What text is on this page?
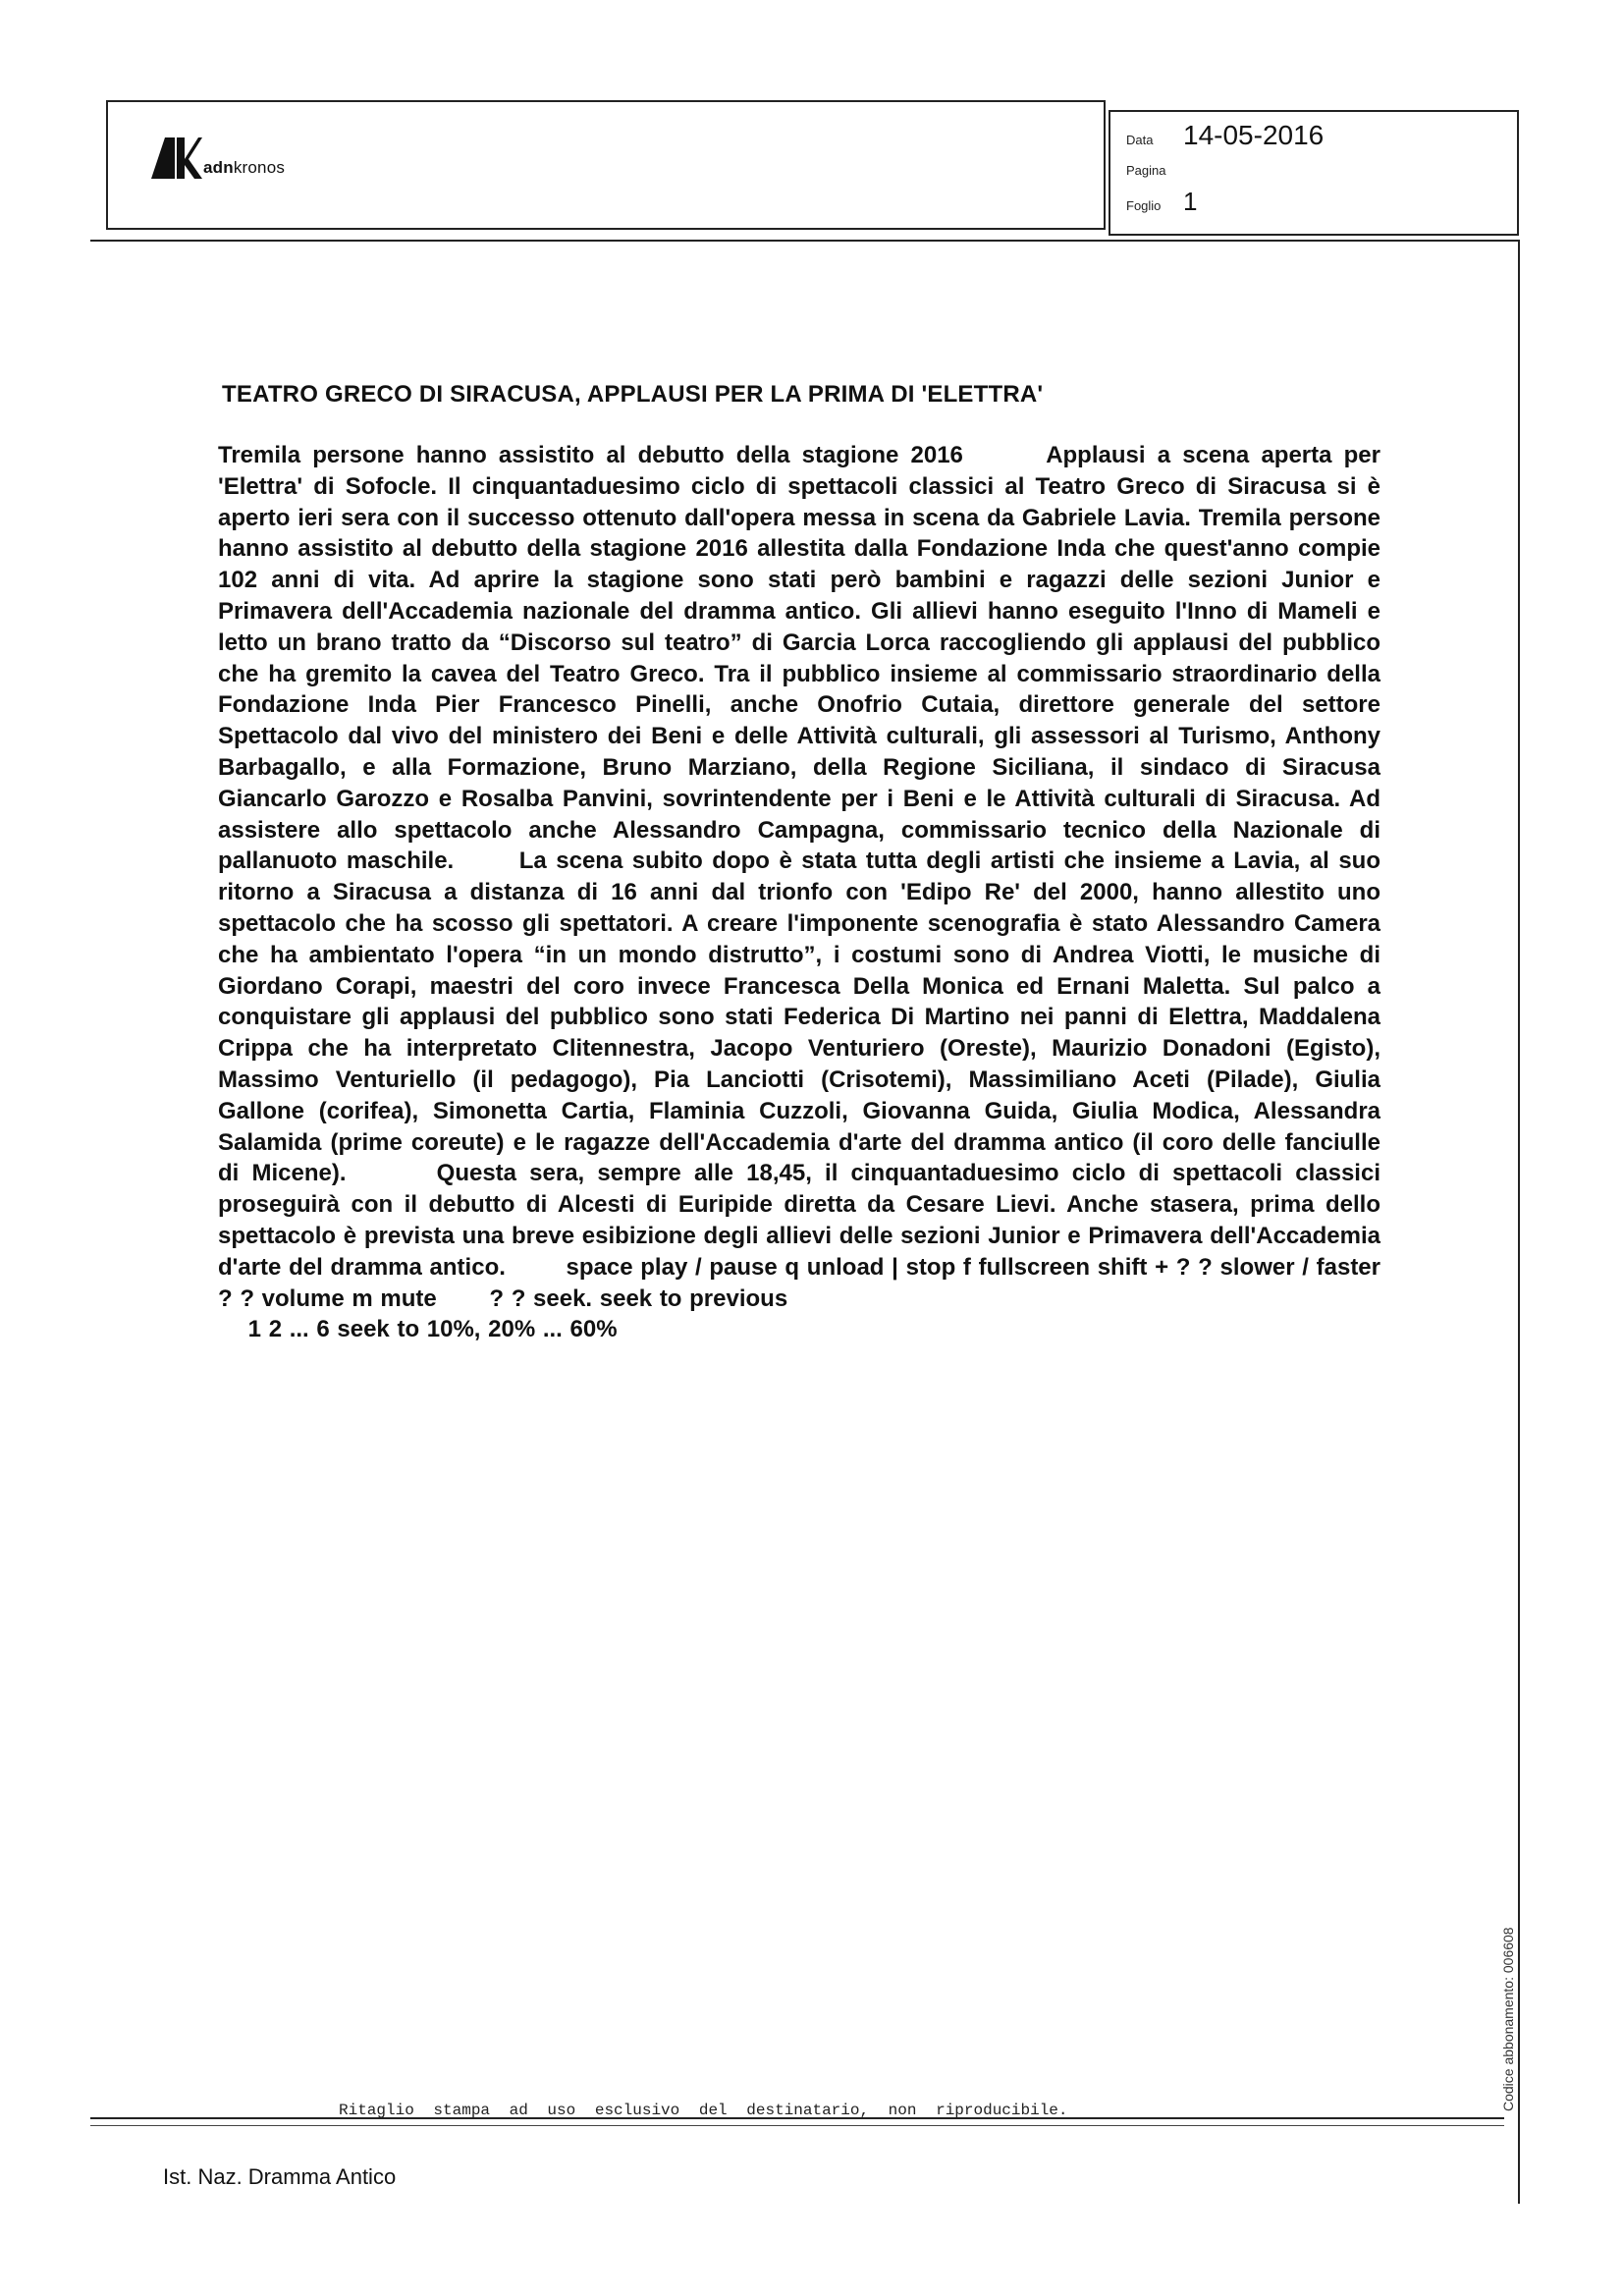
adnkronos
Data	14-05-2016
Pagina
Foglio 1
TEATRO GRECO DI SIRACUSA, APPLAUSI PER LA PRIMA DI 'ELETTRA'
Tremila persone hanno assistito al debutto della stagione 2016       Applausi a scena aperta per 'Elettra' di Sofocle. Il cinquantaduesimo ciclo di spettacoli classici al Teatro Greco di Siracusa si è aperto ieri sera con il successo ottenuto dall'opera messa in scena da Gabriele Lavia. Tremila persone hanno assistito al debutto della stagione 2016 allestita dalla Fondazione Inda che quest'anno compie 102 anni di vita. Ad aprire la stagione sono stati però bambini e ragazzi delle sezioni Junior e Primavera dell'Accademia nazionale del dramma antico. Gli allievi hanno eseguito l'Inno di Mameli e letto un brano tratto da “Discorso sul teatro” di Garcia Lorca raccogliendo gli applausi del pubblico che ha gremito la cavea del Teatro Greco. Tra il pubblico insieme al commissario straordinario della Fondazione Inda Pier Francesco Pinelli, anche Onofrio Cutaia, direttore generale del settore Spettacolo dal vivo del ministero dei Beni e delle Attività culturali, gli assessori al Turismo, Anthony Barbagallo, e alla Formazione, Bruno Marziano, della Regione Siciliana, il sindaco di Siracusa Giancarlo Garozzo e Rosalba Panvini, sovrintendente per i Beni e le Attività culturali di Siracusa. Ad assistere allo spettacolo anche Alessandro Campagna, commissario tecnico della Nazionale di pallanuoto maschile.       La scena subito dopo è stata tutta degli artisti che insieme a Lavia, al suo ritorno a Siracusa a distanza di 16 anni dal trionfo con 'Edipo Re' del 2000, hanno allestito uno spettacolo che ha scosso gli spettatori. A creare l'imponente scenografia è stato Alessandro Camera che ha ambientato l'opera “in un mondo distrutto”, i costumi sono di Andrea Viotti, le musiche di Giordano Corapi, maestri del coro invece Francesca Della Monica ed Ernani Maletta. Sul palco a conquistare gli applausi del pubblico sono stati Federica Di Martino nei panni di Elettra, Maddalena Crippa che ha interpretato Clitennestra, Jacopo Venturiero (Oreste), Maurizio Donadoni (Egisto), Massimo Venturiello (il pedagogo), Pia Lanciotti (Crisotemi), Massimiliano Aceti (Pilade), Giulia Gallone (corifea), Simonetta Cartia, Flaminia Cuzzoli, Giovanna Guida, Giulia Modica, Alessandra Salamida (prime coreute) e le ragazze dell'Accademia d'arte del dramma antico (il coro delle fanciulle di Micene).       Questa sera, sempre alle 18,45, il cinquantaduesimo ciclo di spettacoli classici proseguirà con il debutto di Alcesti di Euripide diretta da Cesare Lievi. Anche stasera, prima dello spettacolo è prevista una breve esibizione degli allievi delle sezioni Junior e Primavera dell'Accademia d'arte del dramma antico.        space play / pause q unload | stop f fullscreen shift + ? ? slower / faster       ? ? volume m mute       ? ? seek. seek to previous
1 2 ... 6 seek to 10%, 20% ... 60%
Ritaglio stampa ad uso esclusivo del destinatario, non riproducibile.	Codice abbonamento: 006608
Ist. Naz. Dramma Antico
